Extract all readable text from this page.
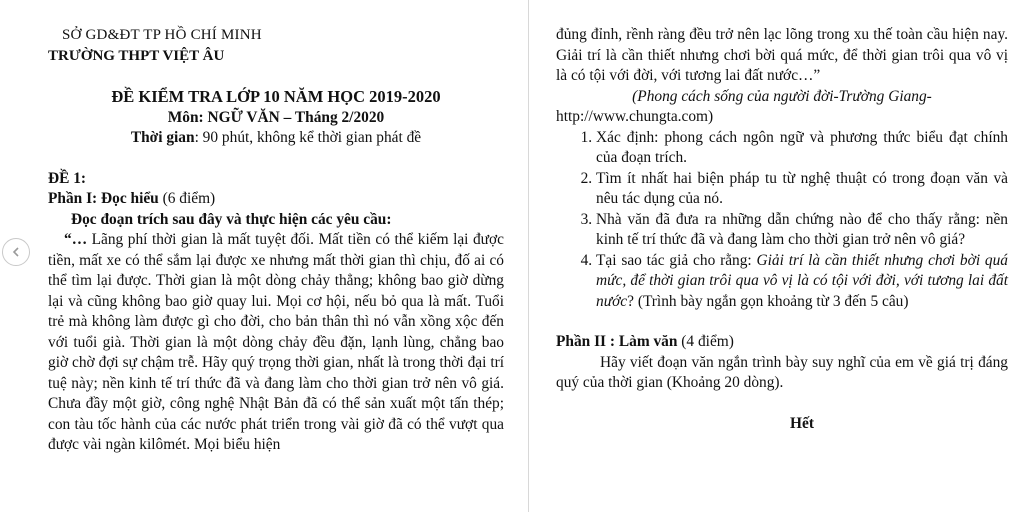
SỞ GD&ĐT TP HỒ CHÍ MINH

TRƯỜNG THPT VIỆT ÂU

ĐỀ KIỂM TRA LỚP 10 NĂM HỌC 2019-2020

Môn: NGỮ VĂN – Tháng 2/2020

Thời gian: 90 phút, không kể thời gian phát đề

ĐỀ 1:

Phần I: Đọc hiểu (6 điểm)

Đọc đoạn trích sau đây và thực hiện các yêu cầu:

“… Lãng phí thời gian là mất tuyệt đối. Mất tiền có thể kiếm lại được tiền, mất xe có thể sắm lại được xe nhưng mất thời gian thì chịu, đố ai có thể tìm lại được. Thời gian là một dòng chảy thẳng; không bao giờ dừng lại và cũng không bao giờ quay lui. Mọi cơ hội, nếu bỏ qua là mất. Tuổi trẻ mà không làm được gì cho đời, cho bản thân thì nó vẫn xồng xộc đến với tuổi già. Thời gian là một dòng chảy đều đặn, lạnh lùng, chẳng bao giờ chờ đợi sự chậm trễ. Hãy quý trọng thời gian, nhất là trong thời đại trí tuệ này; nền kinh tế trí thức đã và đang làm cho thời gian trở nên vô giá. Chưa đầy một giờ, công nghệ Nhật Bản đã có thể sản xuất một tấn thép; con tàu tốc hành của các nước phát triển trong vài giờ đã có thể vượt qua được vài ngàn kilômét. Mọi biểu hiện

đủng đỉnh, rềnh ràng đều trở nên lạc lõng trong xu thế toàn cầu hiện nay. Giải trí là cần thiết nhưng chơi bời quá mức, để thời gian trôi qua vô vị là có tội với đời, với tương lai đất nước…”

(Phong cách sống của người đời-Trường Giang-

http://www.chungta.com)

1. Xác định: phong cách ngôn ngữ và phương thức biểu đạt chính của đoạn trích.
2. Tìm ít nhất hai biện pháp tu từ nghệ thuật có trong đoạn văn và nêu tác dụng của nó.
3. Nhà văn đã đưa ra những dẫn chứng nào để cho thấy rằng: nền kinh tế trí thức đã và đang làm cho thời gian trở nên vô giá?
4. Tại sao tác giả cho rằng: Giải trí là cần thiết nhưng chơi bời quá mức, để thời gian trôi qua vô vị là có tội với đời, với tương lai đất nước? (Trình bày ngắn gọn khoảng từ 3 đến 5 câu)

Phần II : Làm văn (4 điểm)

Hãy viết đoạn văn ngắn trình bày suy nghĩ của em về giá trị đáng quý của thời gian (Khoảng 20 dòng).

Hết
